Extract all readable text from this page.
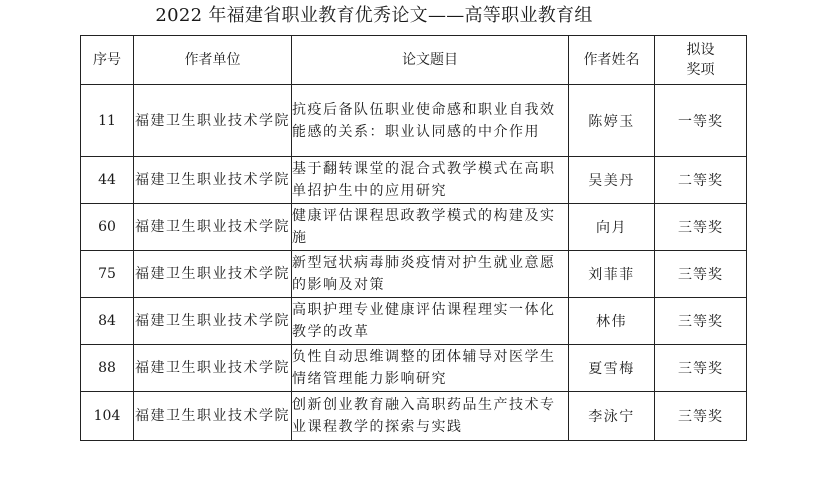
2022 年福建省职业教育优秀论文——高等职业教育组
序号	作者单位	论文题目	作者姓名	拟设
奖项

11	福建卫生职业技术学院	抗疫后备队伍职业使命感和职业自我效能感的关系：职业认同感的中介作用	陈婷玉	一等奖
44	福建卫生职业技术学院	基于翻转课堂的混合式教学模式在高职单招护生中的应用研究	吴美丹	二等奖
60	福建卫生职业技术学院	健康评估课程思政教学模式的构建及实施	向月	三等奖
75	福建卫生职业技术学院	新型冠状病毒肺炎疫情对护生就业意愿的影响及对策	刘菲菲	三等奖
84	福建卫生职业技术学院	高职护理专业健康评估课程理实一体化教学的改革	林伟	三等奖
88	福建卫生职业技术学院	负性自动思维调整的团体辅导对医学生情绪管理能力影响研究	夏雪梅	三等奖
104	福建卫生职业技术学院	创新创业教育融入高职药品生产技术专业课程教学的探索与实践	李泳宁	三等奖
